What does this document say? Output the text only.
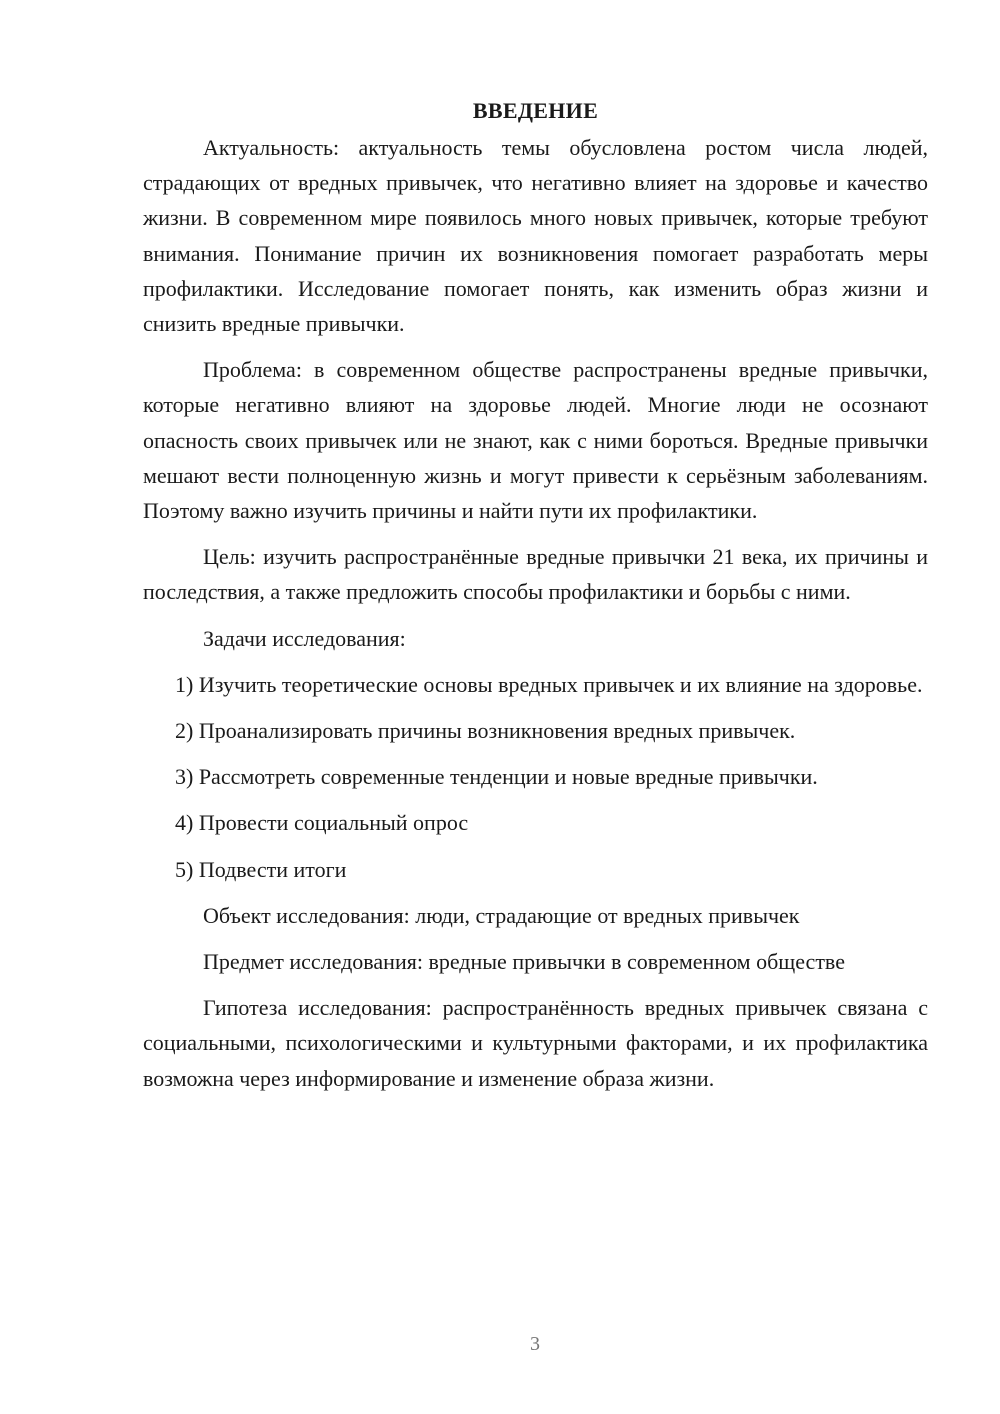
ВВЕДЕНИЕ

Актуальность: актуальность темы обусловлена ростом числа людей, страдающих от вредных привычек, что негативно влияет на здоровье и качество жизни. В современном мире появилось много новых привычек, которые требуют внимания. Понимание причин их возникновения помогает разработать меры профилактики. Исследование помогает понять, как изменить образ жизни и снизить вредные привычки.

Проблема: в современном обществе распространены вредные привычки, которые негативно влияют на здоровье людей. Многие люди не осознают опасность своих привычек или не знают, как с ними бороться. Вредные привычки мешают вести полноценную жизнь и могут привести к серьёзным заболеваниям. Поэтому важно изучить причины и найти пути их профилактики.

Цель: изучить распространённые вредные привычки 21 века, их причины и последствия, а также предложить способы профилактики и борьбы с ними.

Задачи исследования:

1) Изучить теоретические основы вредных привычек и их влияние на здоровье.

2) Проанализировать причины возникновения вредных привычек.

3) Рассмотреть современные тенденции и новые вредные привычки.

4) Провести социальный опрос

5) Подвести итоги

Объект исследования: люди, страдающие от вредных привычек

Предмет исследования: вредные привычки в современном обществе

Гипотеза исследования: распространённость вредных привычек связана с социальными, психологическими и культурными факторами, и их профилактика возможна через информирование и изменение образа жизни.

3
